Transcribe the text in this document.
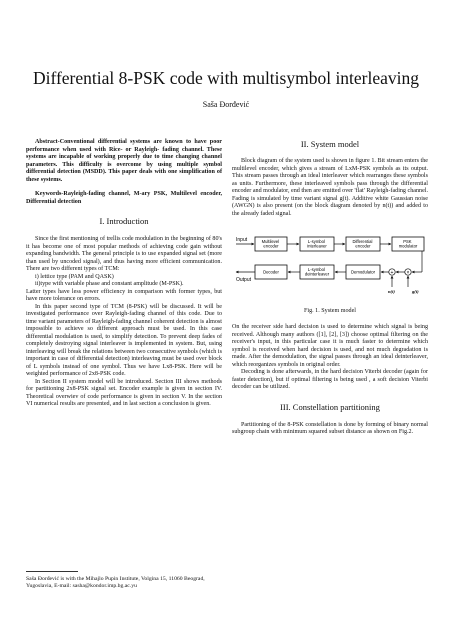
Differential 8-PSK code with multisymbol interleaving
Saša Đorđević

Abstract-Conventional differential systems are known to have poor performance when used with Rice- or Rayleigh- fading channel. These systems are incapable of working properly due to time changing channel parameters. This difficulty is overcome by using multiple symbol differential detection (MSDD). This paper deals with one simplification of these systems.

Keywords-Rayleigh-fading channel, M-ary PSK, Multilevel encoder, Differential detection

I. Introduction

Since the first mentioning of trellis code modulation in the beginning of 80's it has become one of most popular methods of achieving code gain without expanding bandwidth. The general principle is to use expanded signal set (more than used by uncoded signal), and thus having more efficient communication. There are two different types of TCM:

i) lettice type (PAM and QASK)

ii)type with variable phase and constant amplitude (M-PSK).

Latter types have less power efficiency in comparison with former types, but have more tolerance on errors.

In this paper second type of TCM (8-PSK) will be discussed. It will be investigated performance over Rayleigh-fading channel of this code. Due to time variant parameters of Rayleigh-fading channel coherent detection is almost impossible to achieve so different approach must be used. In this case differential modulation is used, to simplify detection. To prevent deep fades of completely destroying signal interleaver is implemented in system. But, using interleaving will break the relations between two consecutive symbols (which is important in case of differential detection) interleaving must be used over block of L symbols instead of one symbol. Thus we have Lx8-PSK. Here will be weighted performance of 2x8-PSK code.

In Section II system model will be introduced. Section III shows methods for partitioning 2x8-PSK signal set. Encoder example is given in section IV. Theoretical overwiev of code performance is given in section V. In the section VI numerical results are presented, and in last section a conclusion is given.

Saša Đorđević is with the Mihajlo Pupin Institute, Volgina 15, 11060 Beograd, Yugoslavia, E-mail: sasha@kondor.imp.bg.ac.yu

II. System model

Block diagram of the system used is shown in figure 1. Bit stream enters the multilevel encoder, which gives a stream of LxM-PSK symbols as its output. This stream passes through an ideal interleaver which rearranges these symbols as units. Furthermore, these interleaved symbols pass through the differential encoder and modulator, end then are emitted over 'flat' Rayleigh-fading channel. Fading is simulated by time variant signal g(t). Additive white Gaussian noise (AWGN) is also present (on the block diagram denoted by n(t)) and added to the already faded signal.

Input	Multilevel encoder
L-symbol interleaver
Differential encoder
PSK modulator
×
+
g(t)
n(t)
Demodulator
L-symbol deinterleaver
Decoder
Output

Fig. 1. System model

On the receiver side hard decision is used to determine which signal is being received. Although many authors ([1], [2], [3]) choose optimal filtering on the receiver's input, in this particular case it is much faster to determine which symbol is received when hard decision is used, and not much degradation is made. After the demodulation, the signal passes through an ideal deinterleaver, which reorganizes symbols in original order.

Decoding is done afterwards, in the hard decision Viterbi decoder (again for faster detection), but if optimal filtering is being used , a soft decision Viterbi decoder can be utilized.

III. Constellation partitioning

Partitioning of the 8-PSK constellation is done by forming of binary normal subgroup chain with minimum squared subset distance as shown on Fig.2.
